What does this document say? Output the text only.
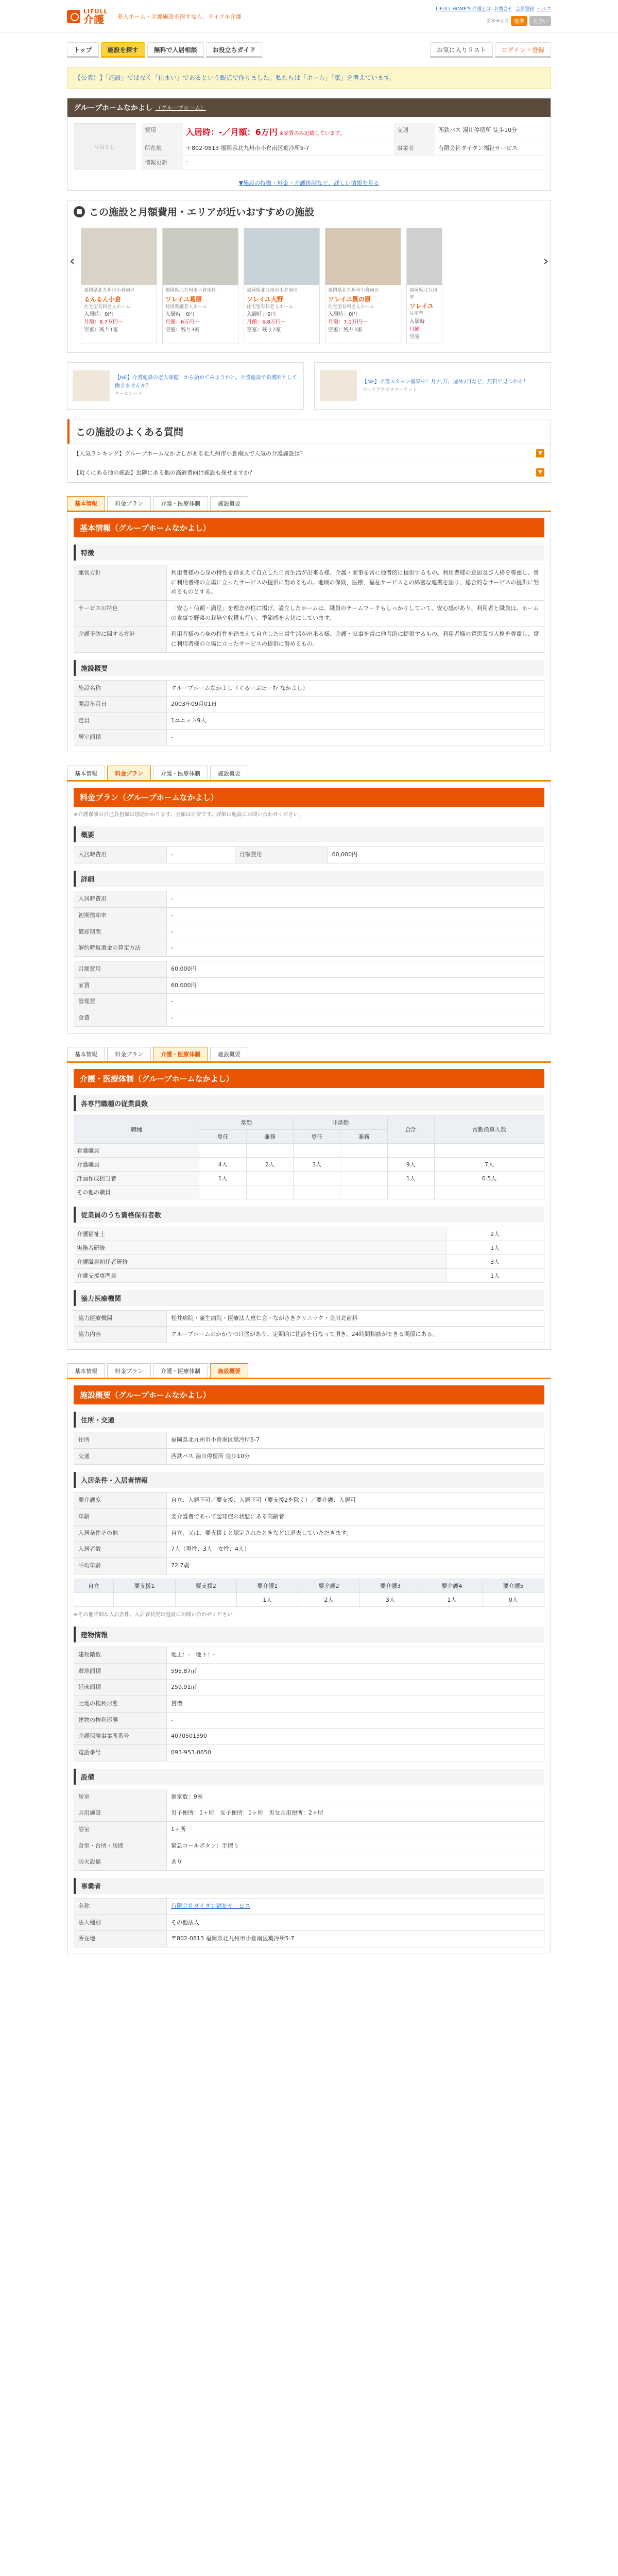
LIFULL
介護	老人ホーム・介護施設を探すなら、ライフル介護
LIFULL HOME'S 介護とは お問合せ 会員登録 ヘルプ
文字サイズ	標準	大きい
トップ	施設を探す	無料で入居相談	お役立ちガイド	お気に入りリスト	ログイン・登録
【公表！】「施設」ではなく「住まい」であるという観点で作りました。私たちは「ホーム」「家」を考えています。
グループホームなかよし （グループホーム）
写真なし
費用	入居時：-／月額：6万円 ※家賃のみ記載しています。	交通	西鉄バス 湯川停留所 徒歩10分
所在地	〒802-0813 福岡県北九州市小倉南区葉冷所5-7	事業者	有限会社ダイダン福祉サービス
情報更新	-		
▼施設の特徴・料金・介護体制など、詳しい情報を見る
この施設と月額費用・エリアが近いおすすめの施設
‹
福岡県北九州市小倉南区
るんるん小倉
住宅型有料老人ホーム
入居時：0円
月額：8.7万円〜
空室：残り1室
福岡県北九州市小倉南区
ソレイユ葛原
特別養護老人ホーム
入居時：0円
月額：6万円〜
空室：残り3室
福岡県北九州市小倉南区
ソレイユ大野
住宅型有料老人ホーム
入居時：0円
月額：6.8万円〜
空室：残り2室
福岡県北九州市小倉南区
ソレイユ黒の原
住宅型有料老人ホーム
入居時：0円
月額：7.1万円〜
空室：残り3室
福岡県北九州市
ソレイユ
住宅型
入居時
月額
空室
›
【NE】介護施設の老人保健！から始めてみようかと。介護施設で看護師として働きませんか？
ケースシード
【NE】介護スタッフ募集中！月21万、週休2日など、無料で見つかる！
リードアクセスマーケット
この施設のよくある質問
【人気ランキング】グループホームなかよしがある北九州市小倉南区で人気の介護施設は？	▼
【近くにある他の施設】近隣にある他の高齢者向け施設も探せますか？	▼
基本情報	料金プラン	介護・医療体制	施設概要
基本情報（グループホームなかよし）
特徴
運営方針	利用者様の心身の特性を踏まえて自立した日常生活が出来る様、介護・家事を常に他者的に提供するもの。利用者様の意思及び人格を尊重し、常に利用者様の立場に立ったサービスの提供に努めるもの。地域の保険、医療、福祉サービスとの綿密な連携を図り、総合的なサービスの提供に努めるものとする。
サービスの特色	「安心・信頼・満足」を理念の柱に掲げ、設立したホームは、職員のチームワークもしっかりしていて、安心感があり、利用者と職員は、ホームの食事で野菜の栽培や収穫も行い、季節感を大切にしています。
介護予防に関する方針	利用者様の心身の特性を踏まえて自立した日常生活が出来る様、介護・家事を常に他者的に提供するもの。利用者様の意思及び人格を尊重し、常に利用者様の立場に立ったサービスの提供に努めるもの。
施設概要
施設名称	グループホームなかよし（ぐるーぷほーむ なかよし）
開設年月日	2003年09月01日
定員	1ユニット9人
居室面積	-
基本情報	料金プラン	介護・医療体制	施設概要
料金プラン（グループホームなかよし）
※介護保険の自己負担額は別途かかります。金額は目安です。詳細は施設にお問い合わせください。
概要
入居時費用	-	月額費用	60,000円
詳細
入居時費用	-
初期償却率	-
償却期間	-
解約時返還金の算定方法	-
月額費用	60,000円
家賃	60,000円
管理費	-
食費	-
基本情報	料金プラン	介護・医療体制	施設概要
介護・医療体制（グループホームなかよし）
各専門職種の従業員数
職種	常勤		非常勤		合計	常勤換算人数
	専任	兼務	専任	兼務		
看護職員						
介護職員	4人	2人	3人		9人	7人
計画作成担当者	1人				1人	0.5人
その他の職員						
従業員のうち資格保有者数
介護福祉士	2人
実務者研修	1人
介護職員初任者研修	3人
介護支援専門員	1人
協力医療機関
協力医療機関	松井病院・蒲生病院・医療法人恵仁会・ながさきクリニック・金川北歯科
協力内容	グループホームのかかりつけ医があり、定期的に往診を行なって頂き、24時間相談ができる関係にある。
基本情報	料金プラン	介護・医療体制	施設概要
施設概要（グループホームなかよし）
住所・交通
住所	福岡県北九州市小倉南区葉冷所5-7
交通	西鉄バス 湯川停留所 徒歩10分
入居条件・入居者情報
要介護度	自立：入居不可／要支援：入居不可（要支援2を除く）／要介護：入居可
年齢	要介護者であって認知症の状態にある高齢者
入居条件その他	自立、又は、要支援１と認定されたときなどは退去していただきます。
入居者数	7人（男性：3人　女性：4人）
平均年齢	72.7歳
自立	要支援1	要支援2	要介護1	要介護2	要介護3	要介護4	要介護5
			1人	2人	3人	1人	0人
※その他詳細な入居条件、入居者状況は施設にお問い合わせください
建物情報
建物階数	地上：-　地下：-
敷地面積	595.87㎡
延床面積	259.91㎡
土地の権利形態	賃借
建物の権利形態	-
介護保険事業所番号	4070501590
電話番号	093-953-0650
設備
居室	個室数：9室
共用施設	男子便所：1ヶ所　女子便所：1ヶ所　男女共用便所：2ヶ所
浴室	1ヶ所
食堂・台所・居間	緊急コールボタン：手摺り
防火設備	あり
事業者
名称	有限会社ダイダン福祉サービス
法人種別	その他法人
所在地	〒802-0813 福岡県北九州市小倉南区葉冷所5-7
